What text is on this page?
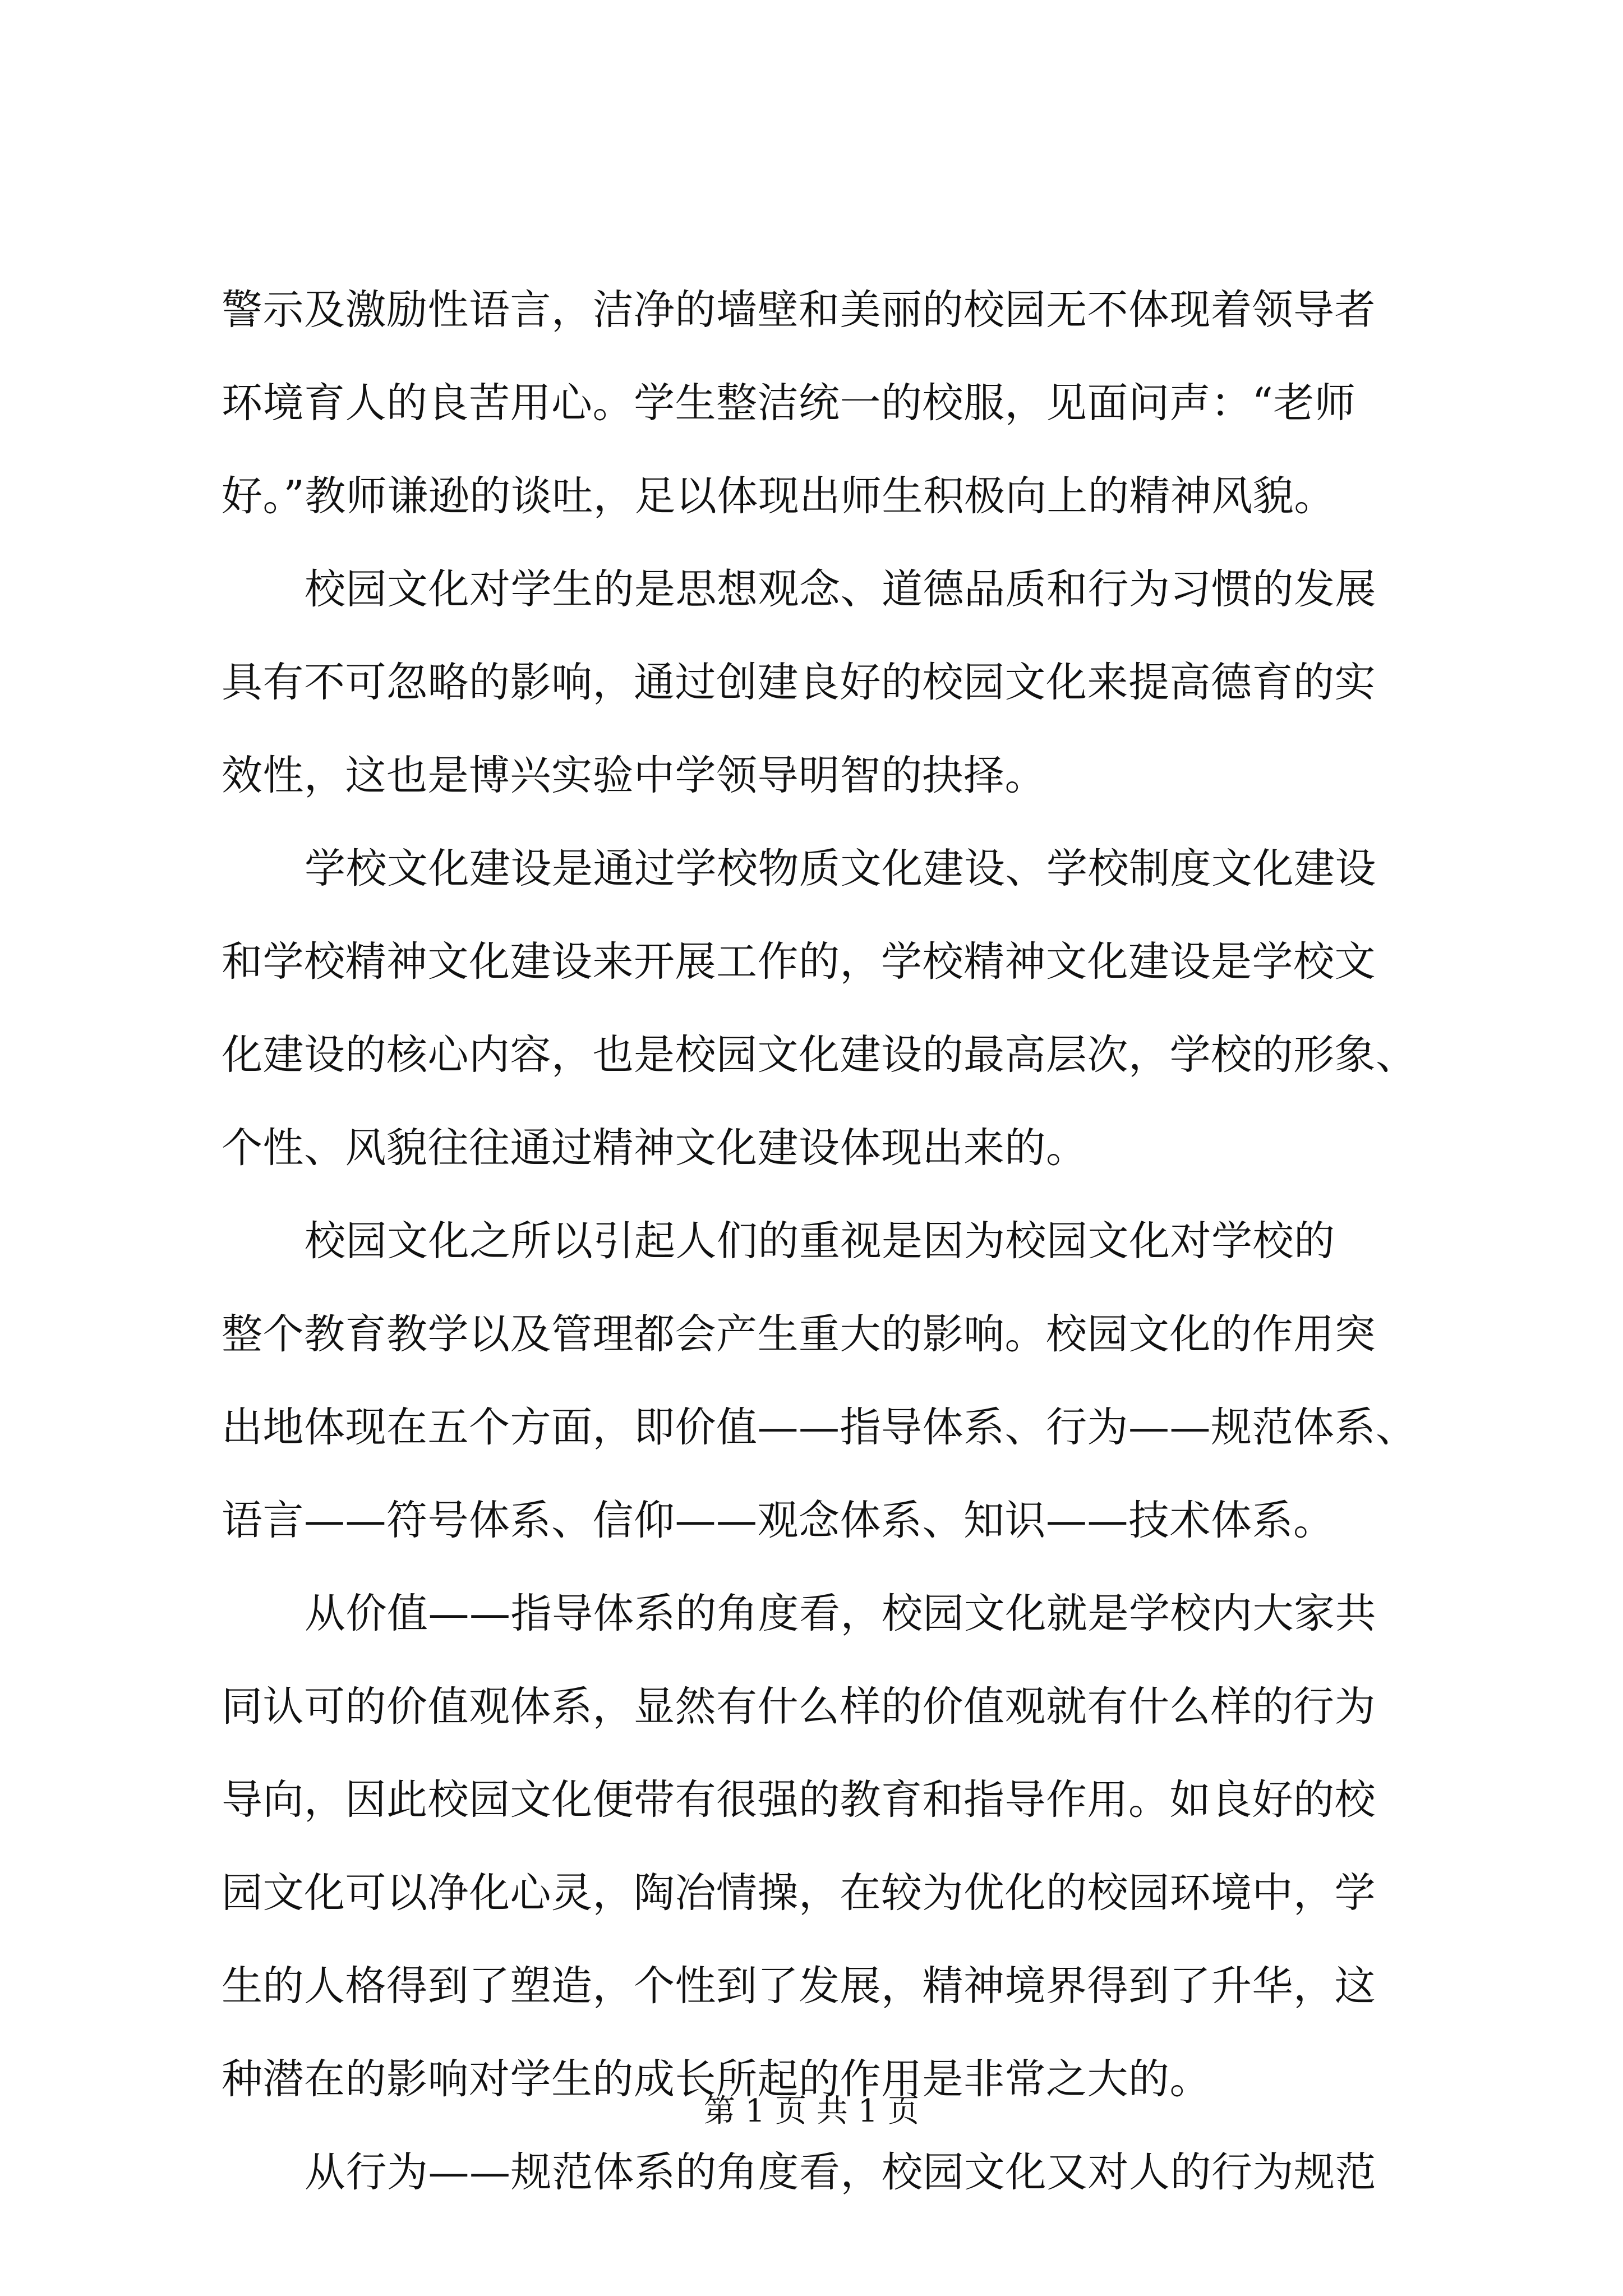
警示及激励性语言，洁净的墙壁和美丽的校园无不体现着领导者
环境育人的良苦用心。学生整洁统一的校服，见面问声：“老师
好。”教师谦逊的谈吐，足以体现出师生积极向上的精神风貌。
校园文化对学生的是思想观念、道德品质和行为习惯的发展
具有不可忽略的影响，通过创建良好的校园文化来提高德育的实
效性，这也是博兴实验中学领导明智的抉择。
学校文化建设是通过学校物质文化建设、学校制度文化建设
和学校精神文化建设来开展工作的，学校精神文化建设是学校文
化建设的核心内容，也是校园文化建设的最高层次，学校的形象、
个性、风貌往往通过精神文化建设体现出来的。
校园文化之所以引起人们的重视是因为校园文化对学校的
整个教育教学以及管理都会产生重大的影响。校园文化的作用突
出地体现在五个方面，即价值——指导体系、行为——规范体系、
语言——符号体系、信仰——观念体系、知识——技术体系。
从价值——指导体系的角度看，校园文化就是学校内大家共
同认可的价值观体系，显然有什么样的价值观就有什么样的行为
导向，因此校园文化便带有很强的教育和指导作用。如良好的校
园文化可以净化心灵，陶冶情操，在较为优化的校园环境中，学
生的人格得到了塑造，个性到了发展，精神境界得到了升华，这
种潜在的影响对学生的成长所起的作用是非常之大的。
从行为——规范体系的角度看，校园文化又对人的行为规范
第 1 页 共 1 页
